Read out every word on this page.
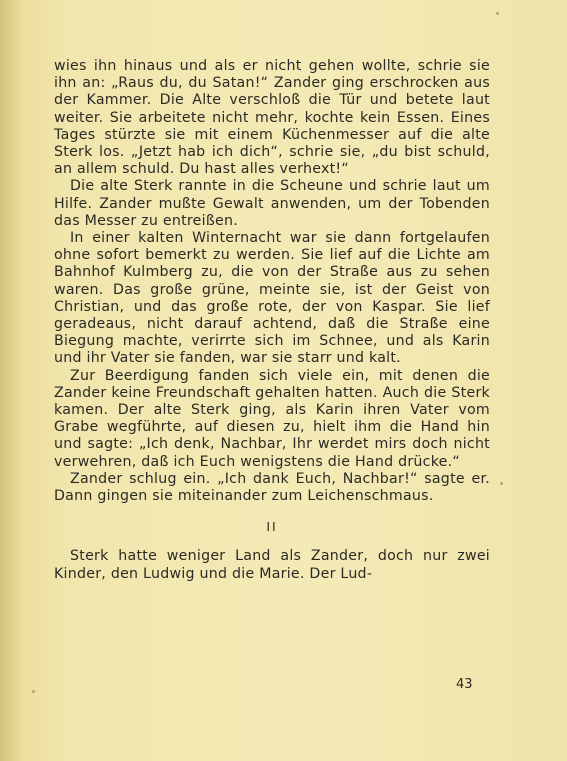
wies ihn hinaus und als er nicht gehen wollte, schrie sie ihn an: „Raus du, du Satan!“ Zander ging erschrocken aus der Kammer. Die Alte verschloß die Tür und betete laut weiter. Sie arbeitete nicht mehr, kochte kein Essen. Eines Tages stürzte sie mit einem Küchenmesser auf die alte Sterk los. „Jetzt hab ich dich“, schrie sie, „du bist schuld, an allem schuld. Du hast alles verhext!“

Die alte Sterk rannte in die Scheune und schrie laut um Hilfe. Zander mußte Gewalt anwenden, um der Tobenden das Messer zu entreißen.

In einer kalten Winternacht war sie dann fortgelaufen ohne sofort bemerkt zu werden. Sie lief auf die Lichte am Bahnhof Kulmberg zu, die von der Straße aus zu sehen waren. Das große grüne, meinte sie, ist der Geist von Christian, und das große rote, der von Kaspar. Sie lief geradeaus, nicht darauf achtend, daß die Straße eine Biegung machte, verirrte sich im Schnee, und als Karin und ihr Vater sie fanden, war sie starr und kalt.

Zur Beerdigung fanden sich viele ein, mit denen die Zander keine Freundschaft gehalten hatten. Auch die Sterk kamen. Der alte Sterk ging, als Karin ihren Vater vom Grabe wegführte, auf diesen zu, hielt ihm die Hand hin und sagte: „Ich denk, Nachbar, Ihr werdet mirs doch nicht verwehren, daß ich Euch wenigstens die Hand drücke.“

Zander schlug ein. „Ich dank Euch, Nachbar!“ sagte er. Dann gingen sie miteinander zum Leichenschmaus.

II

Sterk hatte weniger Land als Zander, doch nur zwei Kinder, den Ludwig und die Marie. Der Lud-

43
